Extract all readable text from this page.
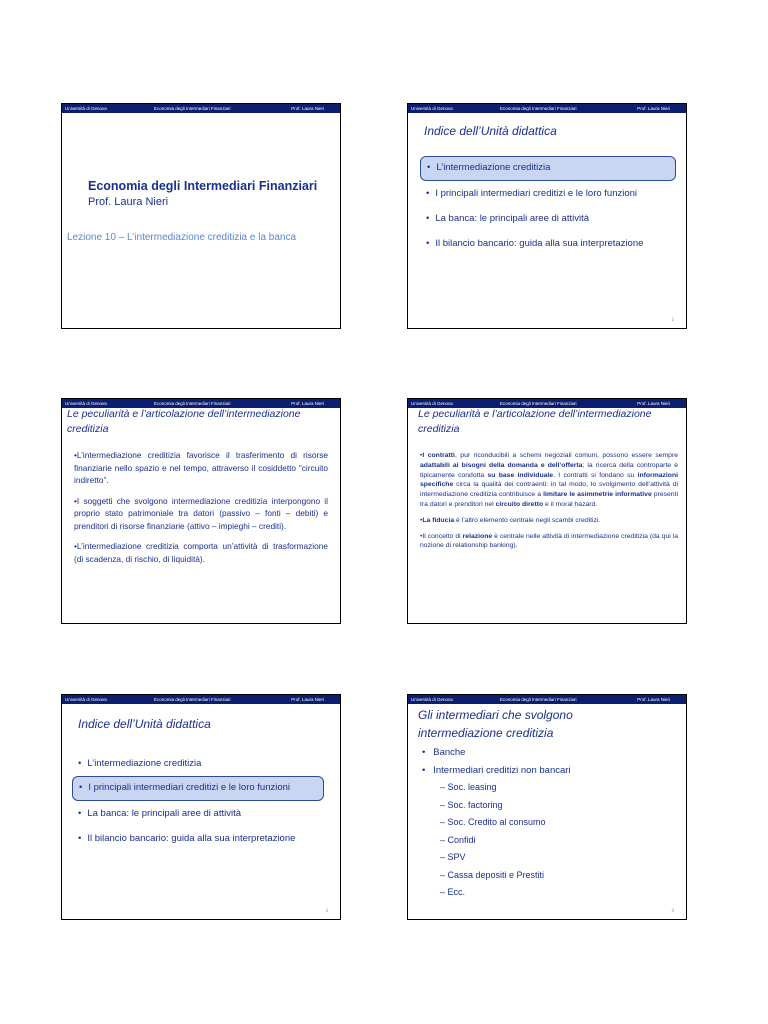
Università di Genova	Economia degli Intermediari Finanziari	Prof. Laura Nieri
Economia degli Intermediari Finanziari
Prof. Laura Nieri
Lezione 10 – L’intermediazione creditizia e la banca
Università di Genova	Economia degli Intermediari Finanziari	Prof. Laura Nieri
Indice dell’Unità didattica
• L’intermediazione creditizia
• I principali intermediari creditizi e le loro funzioni
• La banca: le principali aree di attività
• Il bilancio bancario: guida alla sua interpretazione
2
Università di Genova	Economia degli Intermediari Finanziari	Prof. Laura Nieri
Le peculiarità e l’articolazione dell’intermediazione creditizia

•L’intermediazione creditizia favorisce il trasferimento di risorse finanziarie nello spazio e nel tempo, attraverso il cosiddetto “circuito indiretto”.

•I soggetti che svolgono intermediazione creditizia interpongono il proprio stato patrimoniale tra datori (passivo – fonti – debiti) e prenditori di risorse finanziarie (attivo – impieghi – crediti).

•L’intermediazione creditizia comporta un’attività di trasformazione (di scadenza, di rischio, di liquidità).

Università di Genova	Economia degli Intermediari Finanziari	Prof. Laura Nieri
Le peculiarità e l’articolazione dell’intermediazione creditizia

•I contratti, pur riconducibili a schemi negoziali comuni, possono essere sempre adattabili ai bisogni della domanda e dell’offerta; la ricerca della controparte è tipicamente condotta su base individuale. I contratti si fondano su informazioni specifiche circa la qualità dei contraenti: in tal modo, lo svolgimento dell’attività di intermediazione creditizia contribuisce a limitare le asimmetrie informative presenti tra datori e prenditori nel circuito diretto e il moral hazard.

•La fiducia è l’altro elemento centrale negli scambi creditizi.

•Il concetto di relazione è centrale nelle attività di intermediazione creditizia (da qui la nozione di relationship banking).

Università di Genova	Economia degli Intermediari Finanziari	Prof. Laura Nieri
Indice dell’Unità didattica
• L’intermediazione creditizia
• I principali intermediari creditizi e le loro funzioni
• La banca: le principali aree di attività
• Il bilancio bancario: guida alla sua interpretazione
3
Università di Genova	Economia degli Intermediari Finanziari	Prof. Laura Nieri
Gli intermediari che svolgono intermediazione creditizia
•   Banche
•   Intermediari creditizi non bancari
– Soc. leasing
– Soc. factoring
– Soc. Credito al consumo
– Confidi
– SPV
– Cassa depositi e Prestiti
– Ecc.
4
